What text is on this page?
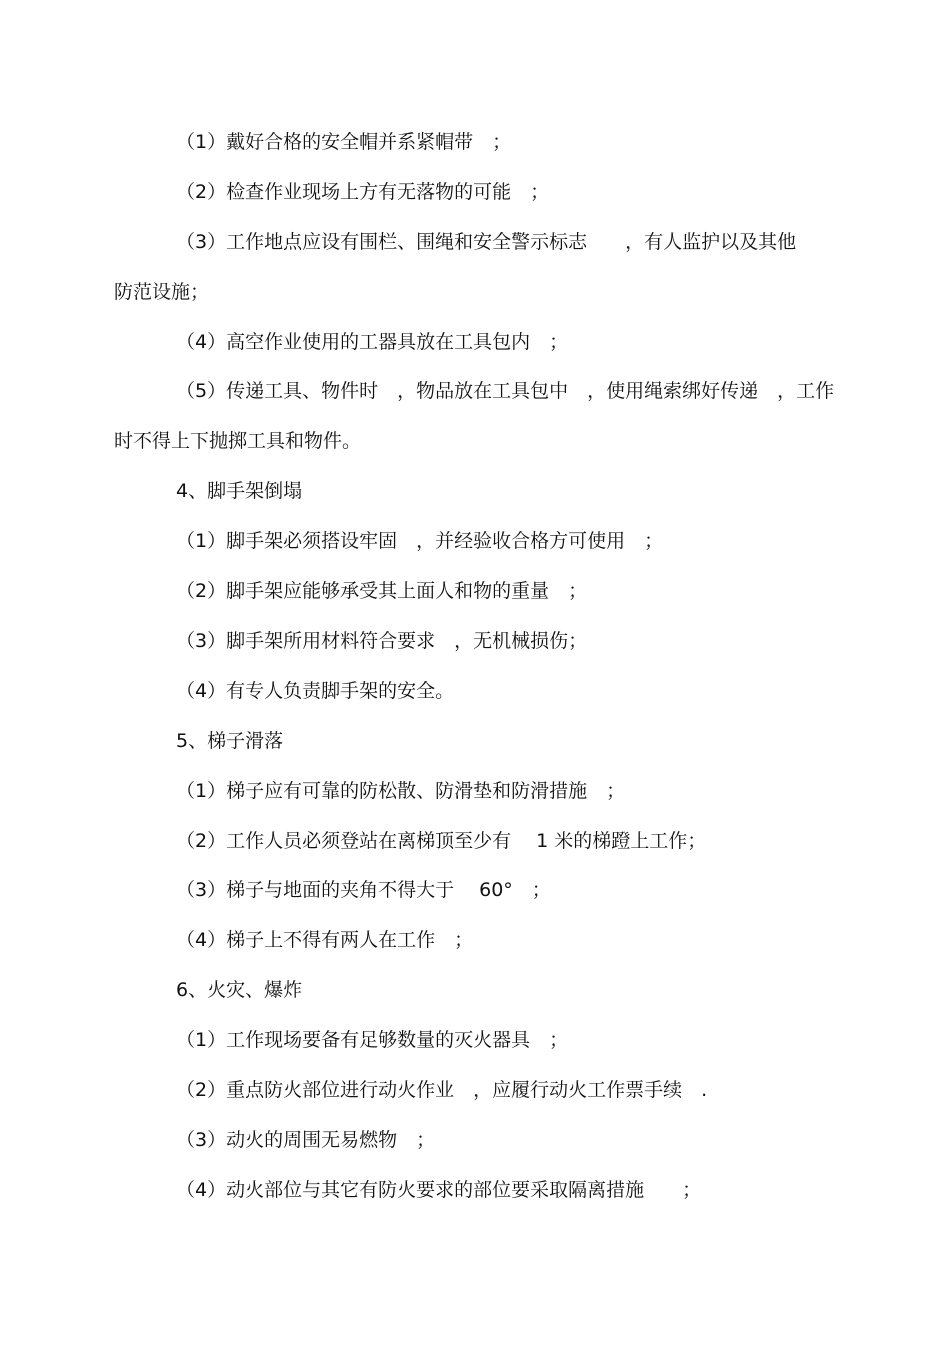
（1）戴好合格的安全帽并系紧帽带　；
（2）检查作业现场上方有无落物的可能　；
（3）工作地点应设有围栏、围绳和安全警示标志　　，有人监护以及其他
防范设施；
（4）高空作业使用的工器具放在工具包内　；
（5）传递工具、物件时　，物品放在工具包中　，使用绳索绑好传递　，工作
时不得上下抛掷工具和物件。
4、脚手架倒塌
（1）脚手架必须搭设牢固　，并经验收合格方可使用　；
（2）脚手架应能够承受其上面人和物的重量　；
（3）脚手架所用材料符合要求　，无机械损伤；
（4）有专人负责脚手架的安全。
5、梯子滑落
（1）梯子应有可靠的防松散、防滑垫和防滑措施　；
（2）工作人员必须登站在离梯顶至少有　 1 米的梯蹬上工作；
（3）梯子与地面的夹角不得大于　 60°　；
（4）梯子上不得有两人在工作　；
6、火灾、爆炸
（1）工作现场要备有足够数量的灭火器具　；
（2）重点防火部位进行动火作业　，应履行动火工作票手续　.
（3）动火的周围无易燃物　；
（4）动火部位与其它有防火要求的部位要采取隔离措施　　；
